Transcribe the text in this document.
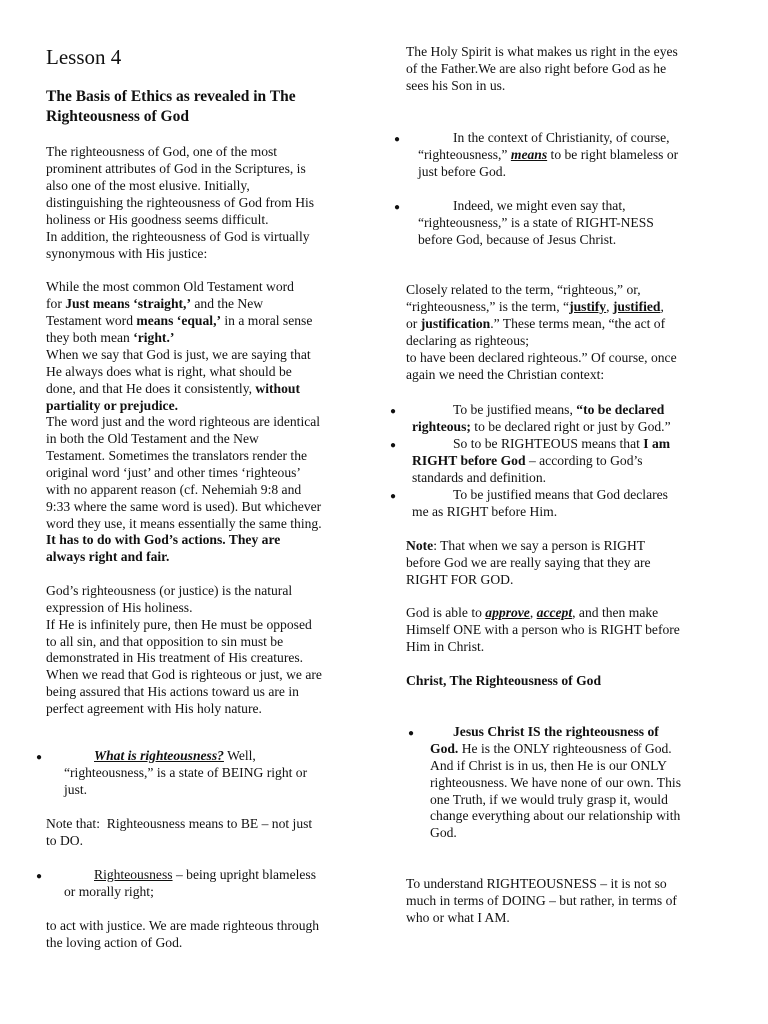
Lesson 4
The Basis of Ethics as revealed in The
Righteousness of God
The righteousness of God, one of the most
prominent attributes of God in the Scriptures, is
also one of the most elusive. Initially,
distinguishing the righteousness of God from His
holiness or His goodness seems difficult.
In addition, the righteousness of God is virtually
synonymous with His justice:
While the most common Old Testament word
for Just means ‘straight,’ and the New
Testament word means ‘equal,’ in a moral sense
they both mean ‘right.’
When we say that God is just, we are saying that
He always does what is right, what should be
done, and that He does it consistently, without
partiality or prejudice.
The word just and the word righteous are identical
in both the Old Testament and the New
Testament. Sometimes the translators render the
original word ‘just’ and other times ‘righteous’
with no apparent reason (cf. Nehemiah 9:8 and
9:33 where the same word is used). But whichever
word they use, it means essentially the same thing.
It has to do with God’s actions. They are
always right and fair.
God’s righteousness (or justice) is the natural
expression of His holiness.
If He is infinitely pure, then He must be opposed
to all sin, and that opposition to sin must be
demonstrated in His treatment of His creatures.
When we read that God is righteous or just, we are
being assured that His actions toward us are in
perfect agreement with His holy nature.
●	What is righteousness? Well,
“righteousness,” is a state of BEING right or
just.
Note that:  Righteousness means to BE – not just
to DO.
●	Righteousness – being upright blameless
or morally right;
to act with justice. We are made righteous through
the loving action of God.
The Holy Spirit is what makes us right in the eyes
of the Father.We are also right before God as he
sees his Son in us.
●	In the context of Christianity, of course,
“righteousness,” means to be right blameless or
just before God.
●	Indeed, we might even say that,
“righteousness,” is a state of RIGHT-NESS
before God, because of Jesus Christ.
Closely related to the term, “righteous,” or,
“righteousness,” is the term, “justify, justified,
or justification.” These terms mean, “the act of
declaring as righteous;
to have been declared righteous.” Of course, once
again we need the Christian context:
●	To be justified means, “to be declared
righteous; to be declared right or just by God.”
●	So to be RIGHTEOUS means that I am
RIGHT before God – according to God’s
standards and definition.
●	To be justified means that God declares
me as RIGHT before Him.
Note: That when we say a person is RIGHT
before God we are really saying that they are
RIGHT FOR GOD.
God is able to approve, accept, and then make
Himself ONE with a person who is RIGHT before
Him in Christ.
Christ, The Righteousness of God
●	Jesus Christ IS the righteousness of
God. He is the ONLY righteousness of God.
And if Christ is in us, then He is our ONLY
righteousness. We have none of our own. This
one Truth, if we would truly grasp it, would
change everything about our relationship with
God.
To understand RIGHTEOUSNESS – it is not so
much in terms of DOING – but rather, in terms of
who or what I AM.
